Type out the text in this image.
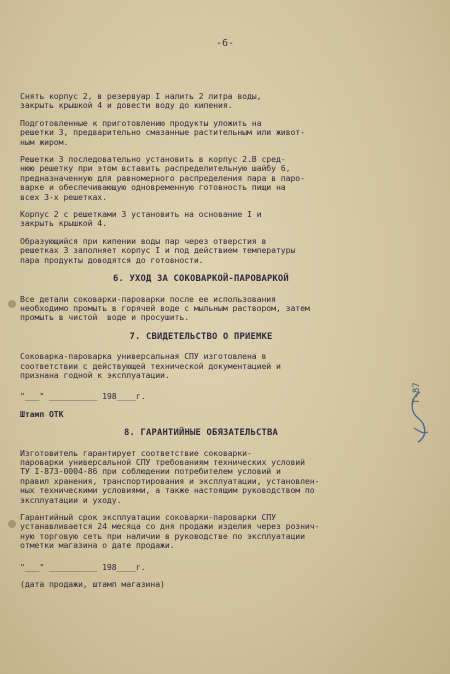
-6-

Снять корпус 2, в резервуар I налить 2 литра воды,
закрыть крышкой 4 и довести воду до кипения.

Подготовленные к приготовлению продукты уложить на
решетки 3, предварительно смазанные растительным или живот-
ным жиром.

Решетки 3 последовательно установить в корпус 2.В сред-
нюю решетку при этом вставить распределительную шайбу 6,
предназначенную для равномерного распределения пара в паро-
варке и обеспечивающую одновременную готовность пищи на
всех 3-х решетках.

Корпус 2 с решетками 3 установить на основание I и
закрыть крышкой 4.

Образующийся при кипении воды пар через отверстия в
решетках 3 заполняет корпус I и под действием температуры
пара продукты доводятся до готовности.

6. УХОД ЗА СОКОВАРКОЙ-ПАРОВАРКОЙ

Все детали соковарки-пароварки после ее использования
необходимо промыть в горячей воде с мыльным раствором, затем
промыть в чистой  воде и просушить.

7. СВИДЕТЕЛЬСТВО О ПРИЕМКЕ

Соковарка-пароварка универсальная СПУ изготовлена в
соответствии с действующей технической документацией и
признана годной к эксплуатации.

"___" __________ 198____г.
Штамп ОТК
8. ГАРАНТИЙНЫЕ ОБЯЗАТЕЛЬСТВА

Изготовитель гарантирует соответствие соковарки-
пароварки универсальной СПУ требованиям технических условий
ТУ I-873-0004-86 при соблюдении потребителем условий и
правил хранения, транспортирования и эксплуатации, установлен-
ных техническими условиями, а также настоящим руководством по
эксплуатации и уходу.

Гарантийный срок эксплуатации соковарки-пароварки СПУ
устанавливается 24 месяца со дня продажи изделия через рознич-
ную торговую сеть при наличии в руководстве по эксплуатации
отметки магазина о дате продажи.

"___" __________ 198____г.
(дата продажи, штамп магазина)
Т-87
